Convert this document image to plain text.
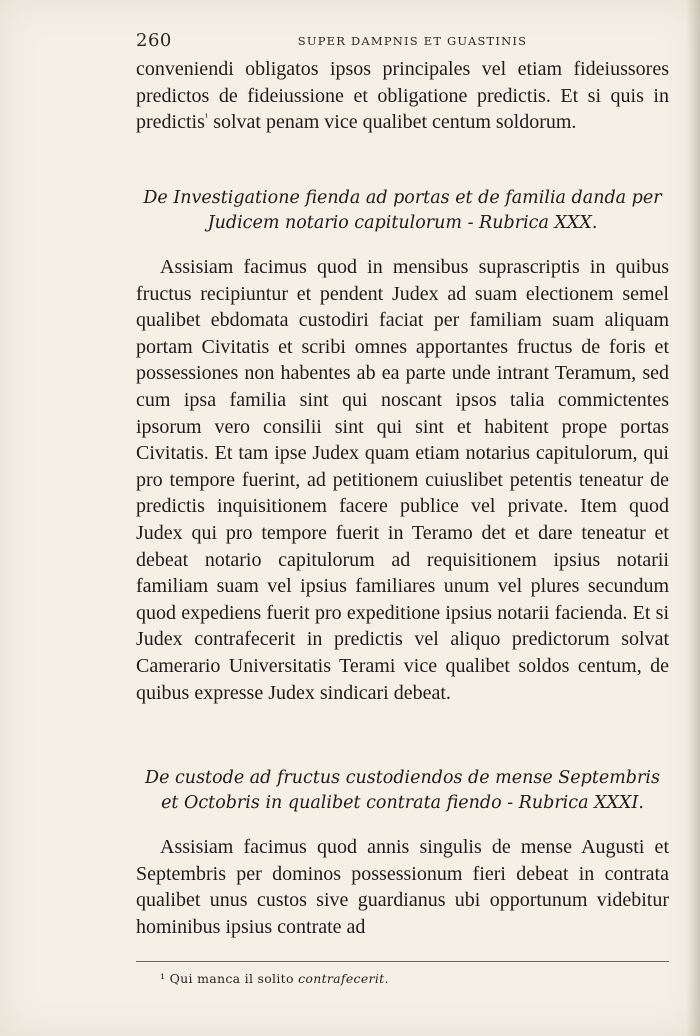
260	SUPER DAMPNIS ET GUASTINIS

conveniendi obligatos ipsos principales vel etiam fideiussores predictos de fideiussione et obligatione predictis. Et si quis in predictis$^{^1}$ solvat penam vice qualibet centum soldorum.

De Investigatione fienda ad portas et de familia danda per Judicem notario capitulorum - Rubrica XXX.

Assisiam facimus quod in mensibus suprascriptis in quibus fructus recipiuntur et pendent Judex ad suam electionem semel qualibet ebdomata custodiri faciat per familiam suam aliquam portam Civitatis et scribi omnes apportantes fructus de foris et possessiones non habentes ab ea parte unde intrant Teramum, sed cum ipsa familia sint qui noscant ipsos talia commictentes ipsorum vero consilii sint qui sint et habitent prope portas Civitatis. Et tam ipse Judex quam etiam notarius capitulorum, qui pro tempore fuerint, ad petitionem cuiuslibet petentis teneatur de predictis inquisitionem facere publice vel private. Item quod Judex qui pro tempore fuerit in Teramo det et dare teneatur et debeat notario capitulorum ad requisitionem ipsius notarii familiam suam vel ipsius familiares unum vel plures secundum quod expediens fuerit pro expeditione ipsius notarii facienda. Et si Judex contrafecerit in predictis vel aliquo predictorum solvat Camerario Universitatis Terami vice qualibet soldos centum, de quibus expresse Judex sindicari debeat.

De custode ad fructus custodiendos de mense Septembris et Octobris in qualibet contrata fiendo - Rubrica XXXI.

Assisiam facimus quod annis singulis de mense Augusti et Septembris per dominos possessionum fieri debeat in contrata qualibet unus custos sive guardianus ubi opportunum videbitur hominibus ipsius contrate ad

¹ Qui manca il solito contrafecerit.
